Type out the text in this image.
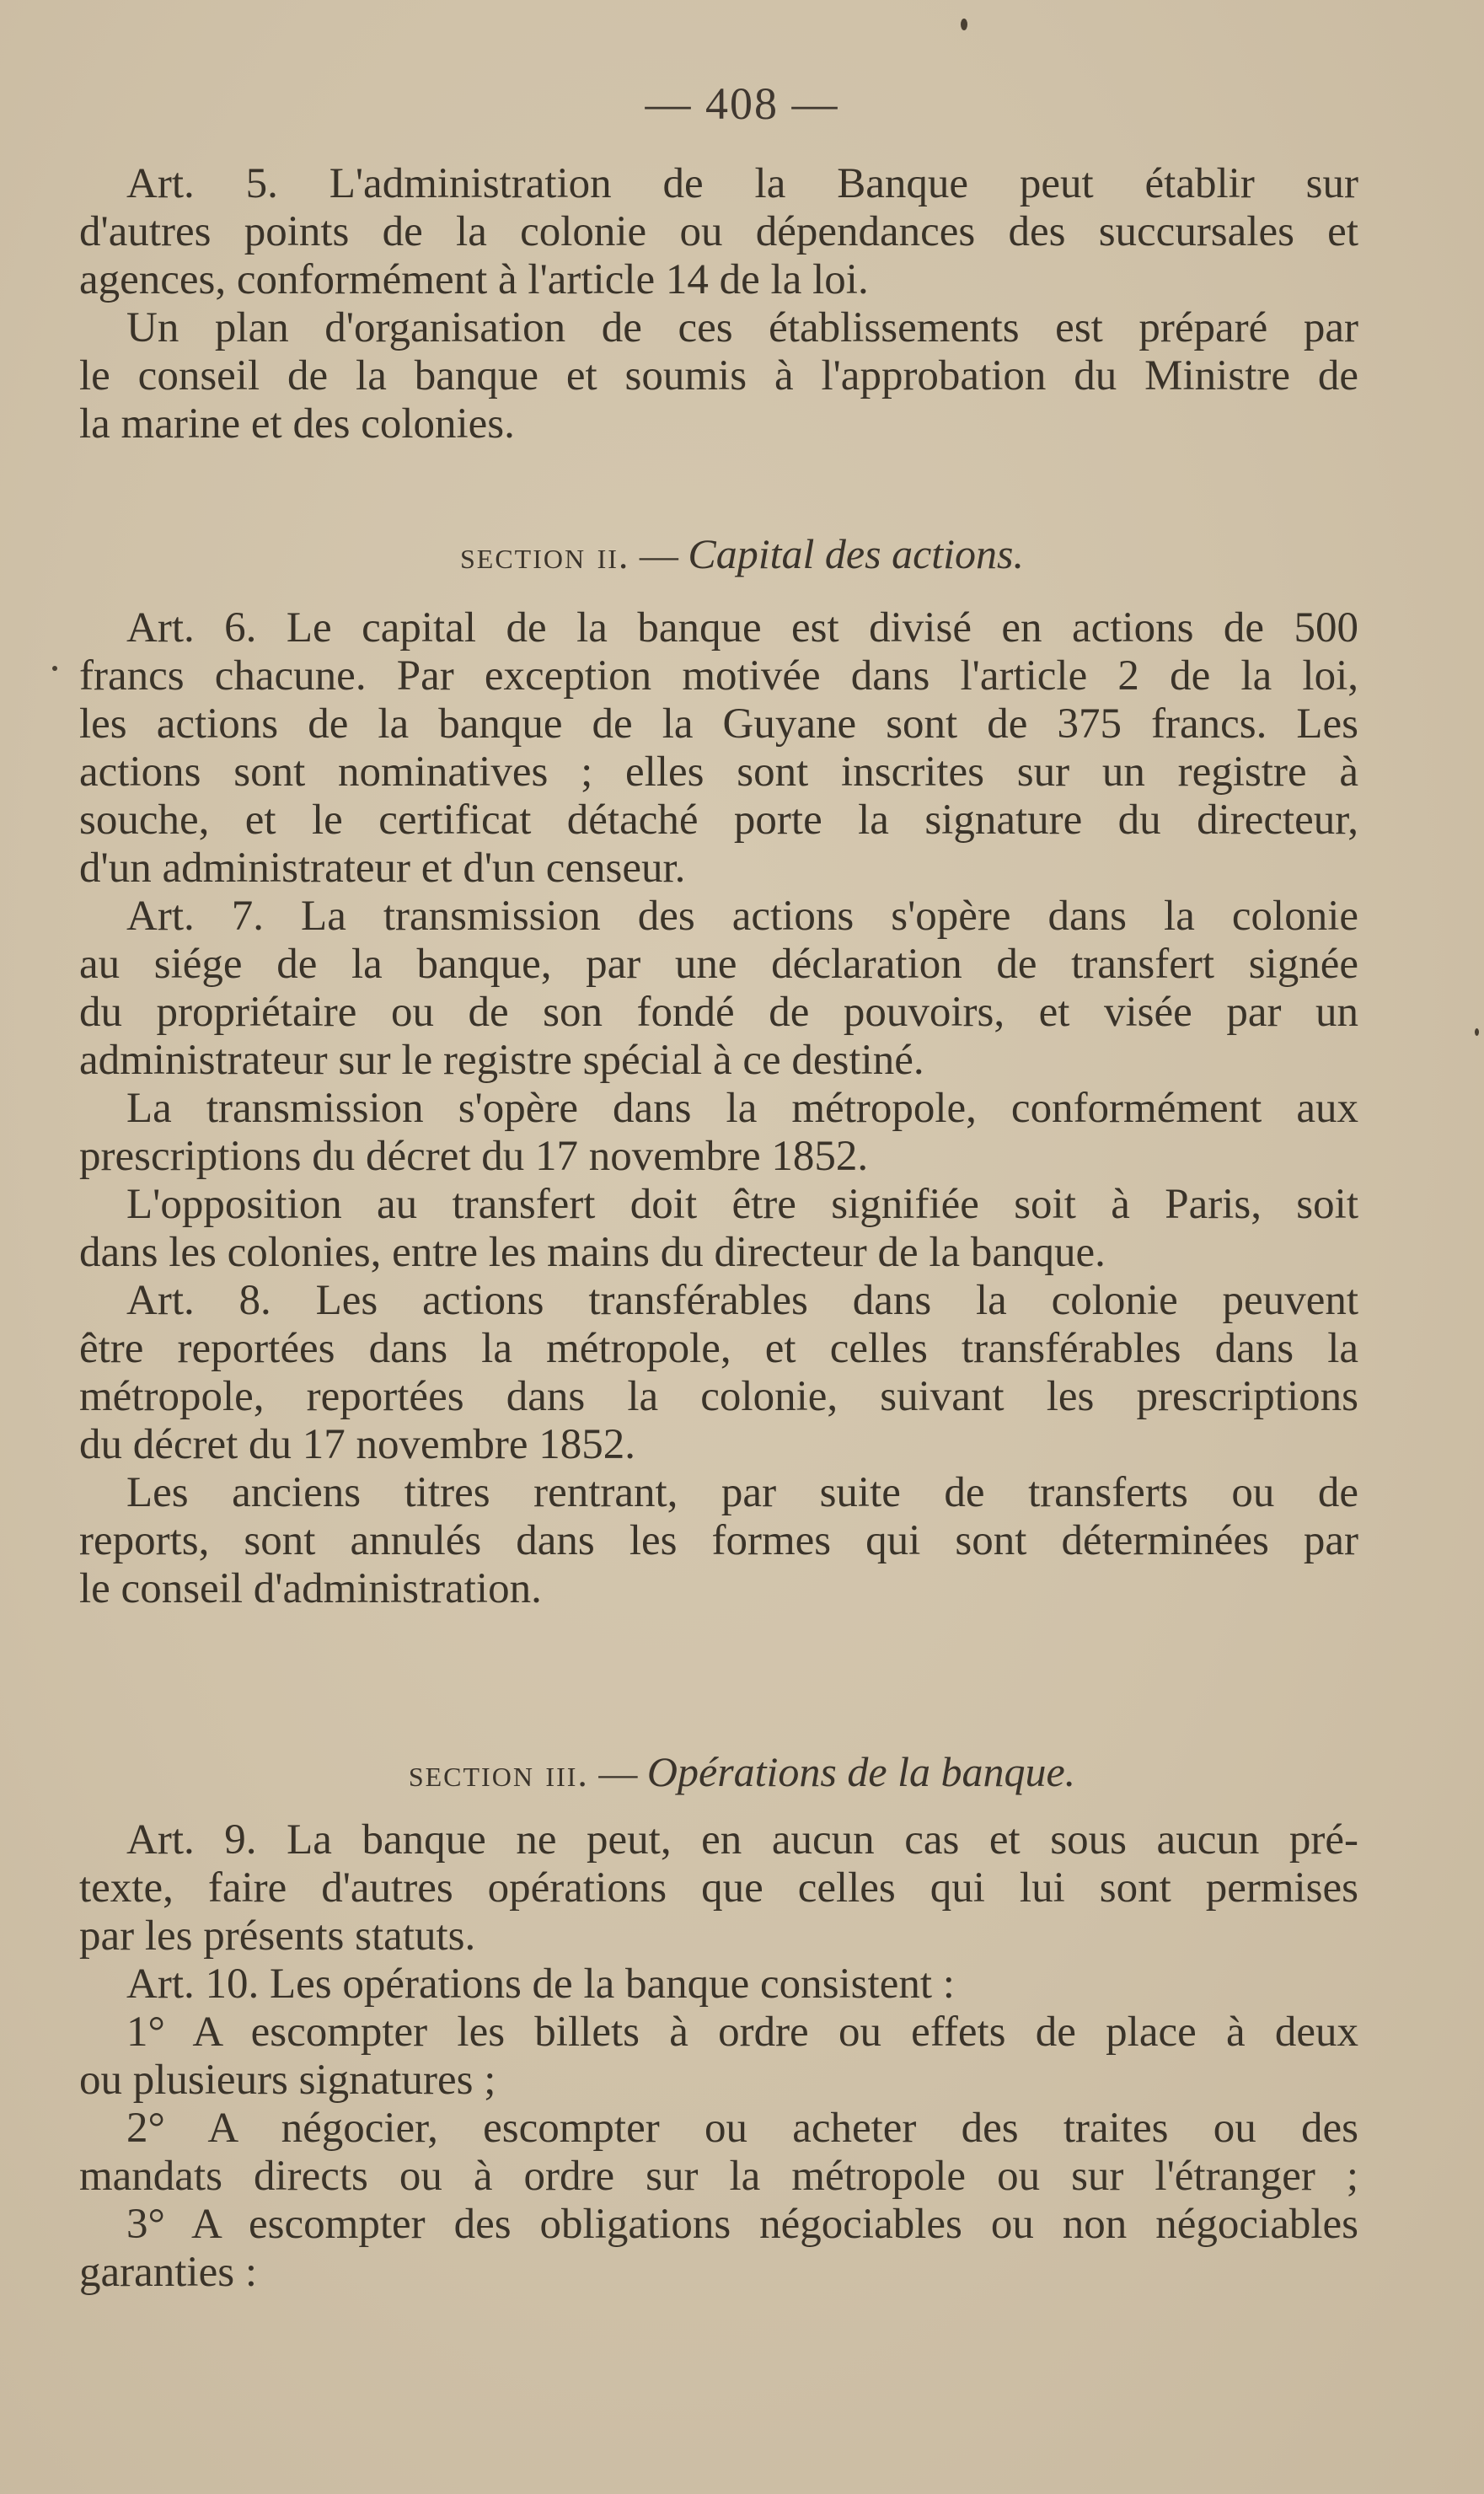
— 408 —
section ii. — Capital des actions.
section iii. — Opérations de la banque.
Art. 5. L'administration de la Banque peut établir sur
d'autres points de la colonie ou dépendances des succursales et
agences, conformément à l'article 14 de la loi.
Un plan d'organisation de ces établissements est préparé par
le conseil de la banque et soumis à l'approbation du Ministre de
la marine et des colonies.
Art. 6. Le capital de la banque est divisé en actions de 500
francs chacune. Par exception motivée dans l'article 2 de la loi,
les actions de la banque de la Guyane sont de 375 francs. Les
actions sont nominatives ; elles sont inscrites sur un registre à
souche, et le certificat détaché porte la signature du directeur,
d'un administrateur et d'un censeur.
Art. 7. La transmission des actions s'opère dans la colonie
au siége de la banque, par une déclaration de transfert signée
du propriétaire ou de son fondé de pouvoirs, et visée par un
administrateur sur le registre spécial à ce destiné.
La transmission s'opère dans la métropole, conformément aux
prescriptions du décret du 17 novembre 1852.
L'opposition au transfert doit être signifiée soit à Paris, soit
dans les colonies, entre les mains du directeur de la banque.
Art. 8. Les actions transférables dans la colonie peuvent
être reportées dans la métropole, et celles transférables dans la
métropole, reportées dans la colonie, suivant les prescriptions
du décret du 17 novembre 1852.
Les anciens titres rentrant, par suite de transferts ou de
reports, sont annulés dans les formes qui sont déterminées par
le conseil d'administration.
Art. 9. La banque ne peut, en aucun cas et sous aucun pré-
texte, faire d'autres opérations que celles qui lui sont permises
par les présents statuts.
Art. 10. Les opérations de la banque consistent :
1° A escompter les billets à ordre ou effets de place à deux
ou plusieurs signatures ;
2° A négocier, escompter ou acheter des traites ou des
mandats directs ou à ordre sur la métropole ou sur l'étranger ;
3° A escompter des obligations négociables ou non négociables
garanties :
